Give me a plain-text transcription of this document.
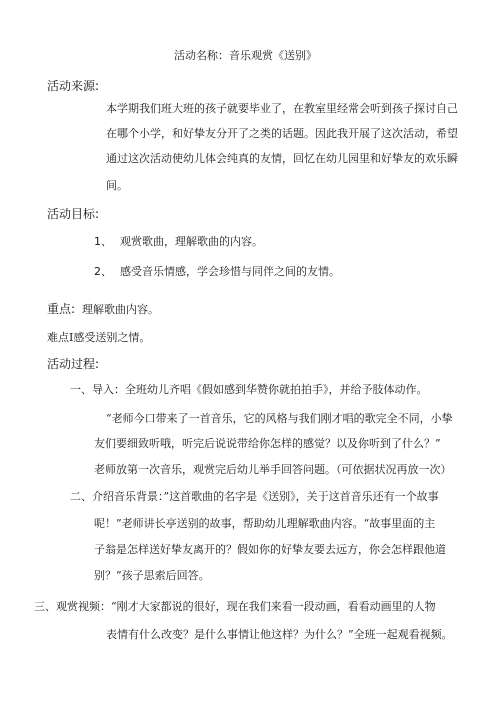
活动名称：音乐观赏《送别》
活动来源:
本学期我们班大班的孩子就要毕业了，在教室里经常会听到孩子探讨自己
在哪个小学，和好挚友分开了之类的话题。因此我开展了这次活动，希望
通过这次活动使幼儿体会纯真的友情，回忆在幼儿园里和好挚友的欢乐瞬
间。
活动目标:
1、 观赏歌曲，理解歌曲的内容。
2、 感受音乐情感，学会珍惜与同伴之间的友情。
重点: 理解歌曲内容。
难点I感受送别之情。
活动过程:
一、导入：全班幼儿齐唱《假如感到华赞你就拍拍手》，并给予肢体动作。
“老师今口带来了一首音乐，它的风格与我们刚才唱的歌完全不同，小挚
友们要细致听哦，听完后说说带给你怎样的感觉？以及你听到了什么？”
老师放第一次音乐，观赏完后幼儿举手回答问题。（可依据状况再放一次）
二、介绍音乐背景：”这首歌曲的名字是《送别》，关于这首音乐还有一个故事
呢！”老师讲长亭送别的故事，帮助幼儿理解歌曲内容。“故事里面的主
子翁是怎样送好挚友离开的？假如你的好挚友要去远方，你会怎样跟他道
别？”孩子思索后回答。
三、观赏视频：“刚才大家都说的很好，现在我们来看一段动画，看看动画里的人物
表情有什么改变？是什么事情让他这样？为什么？”全班一起观看视频。
